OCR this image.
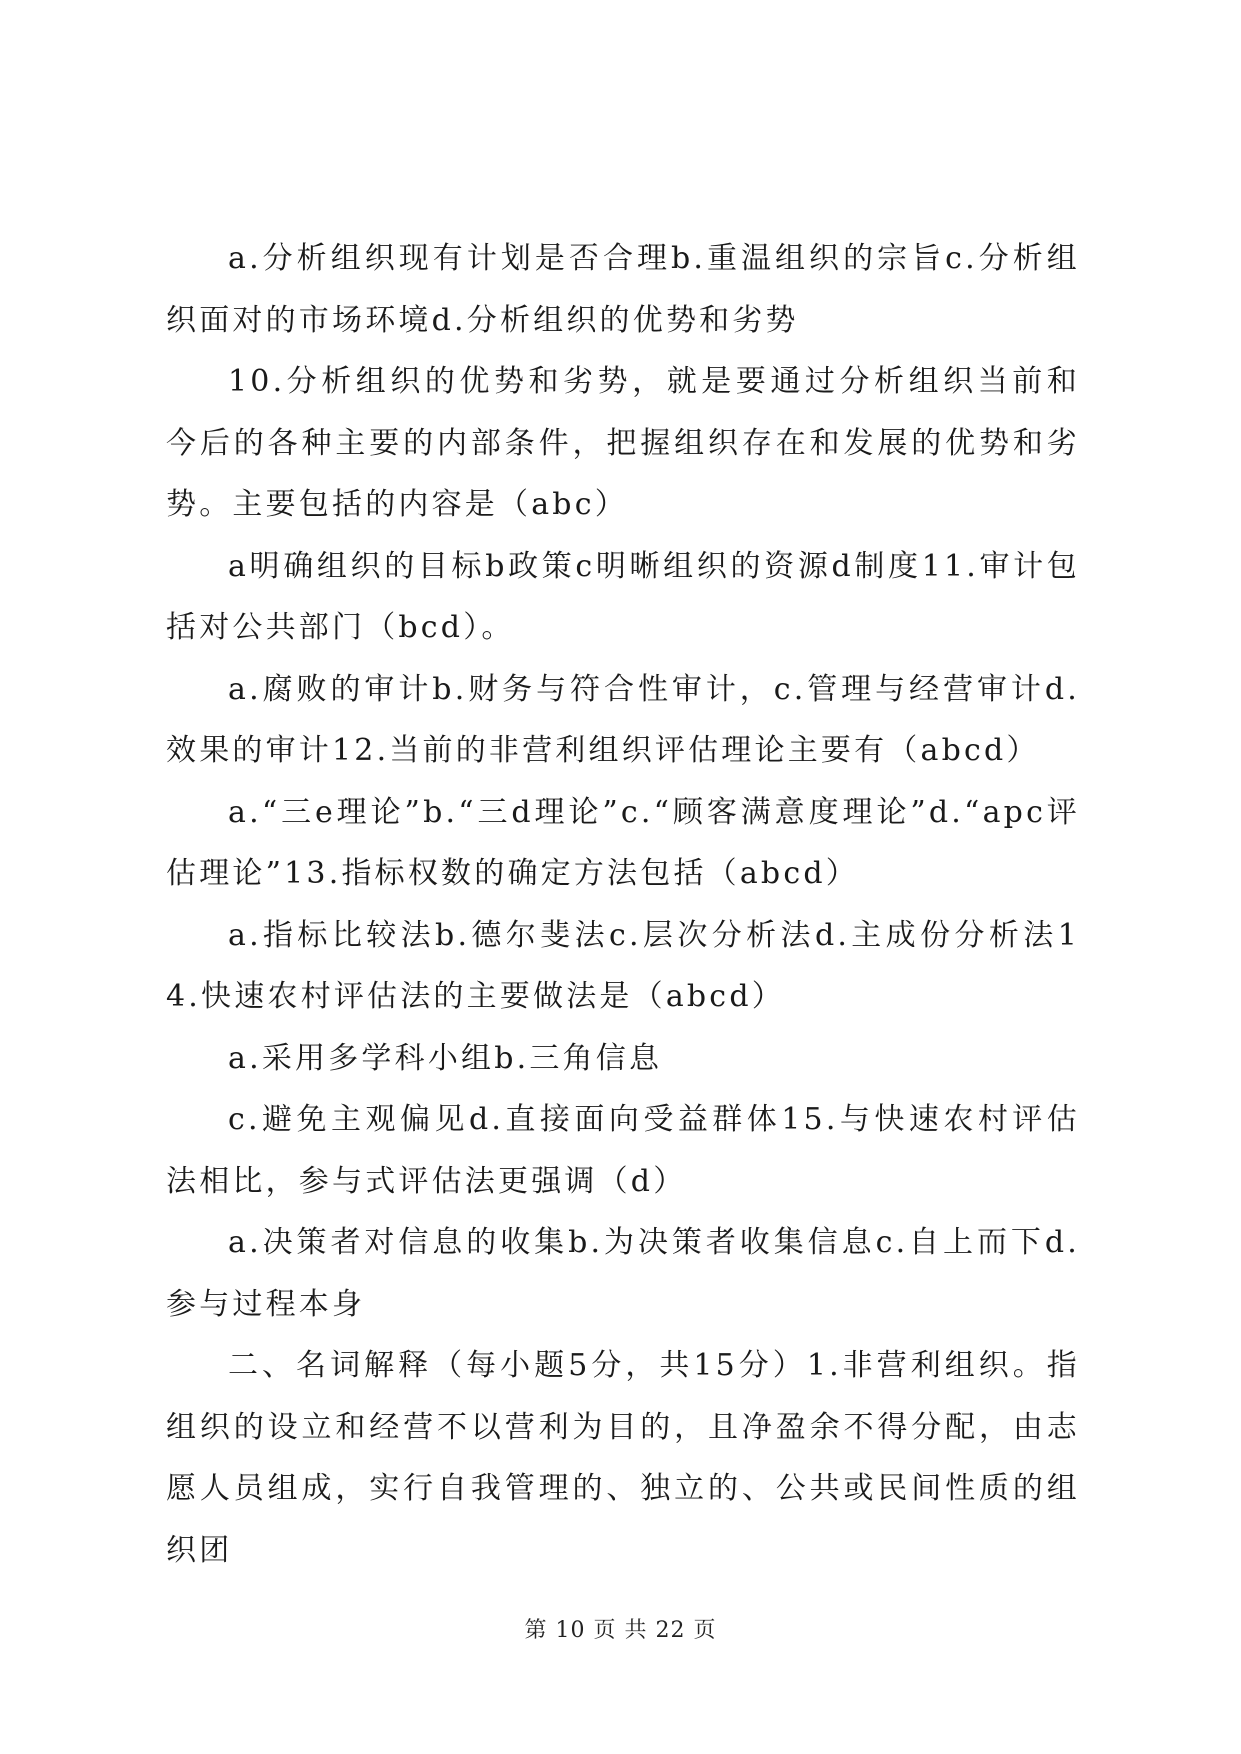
a.分析组织现有计划是否合理b.重温组织的宗旨c.分析组织面对的市场环境d.分析组织的优势和劣势

10.分析组织的优势和劣势，就是要通过分析组织当前和今后的各种主要的内部条件，把握组织存在和发展的优势和劣势。主要包括的内容是（abc）

a明确组织的目标b政策c明晰组织的资源d制度11.审计包括对公共部门（bcd）。

a.腐败的审计b.财务与符合性审计，c.管理与经营审计d.效果的审计12.当前的非营利组织评估理论主要有（abcd）

a.“三e理论”b.“三d理论”c.“顾客满意度理论”d.“apc评估理论”13.指标权数的确定方法包括（abcd）

a.指标比较法b.德尔斐法c.层次分析法d.主成份分析法14.快速农村评估法的主要做法是（abcd）

a.采用多学科小组b.三角信息

c.避免主观偏见d.直接面向受益群体15.与快速农村评估法相比，参与式评估法更强调（d）

a.决策者对信息的收集b.为决策者收集信息c.自上而下d.参与过程本身

二、名词解释（每小题5分，共15分）1.非营利组织。指组织的设立和经营不以营利为目的，且净盈余不得分配，由志愿人员组成，实行自我管理的、独立的、公共或民间性质的组织团

第 10 页 共 22 页
